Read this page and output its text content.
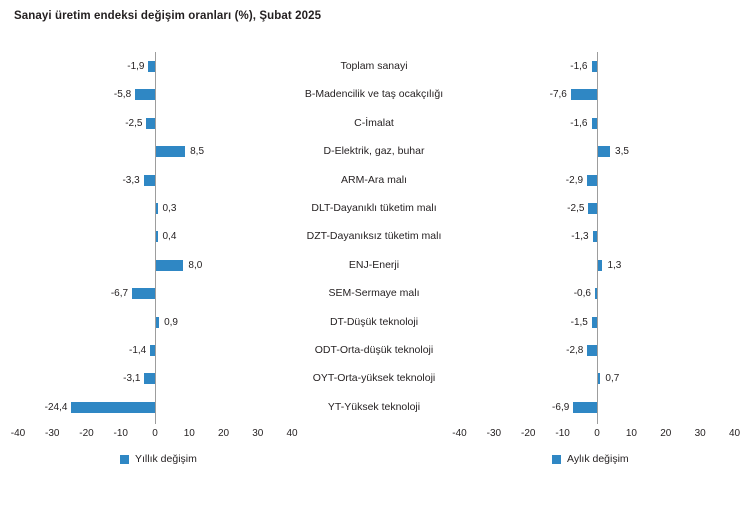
Sanayi üretim endeksi değişim oranları (%), Şubat 2025
-1,9
-5,8
-2,5
8,5
-3,3
0,3
0,4
8,0
-6,7
0,9
-1,4
-3,1
-24,4
-40 -30 -20 -10 0	10 20 30 40
Toplam sanayi
B-Madencilik ve taş ocakçılığı
C-İmalat
D-Elektrik, gaz, buhar
ARM-Ara malı
DLT-Dayanıklı tüketim malı
DZT-Dayanıksız tüketim malı
ENJ-Enerji
SEM-Sermaye malı
DT-Düşük teknoloji
ODT-Orta-düşük teknoloji
OYT-Orta-yüksek teknoloji
YT-Yüksek teknoloji
-1,6
-7,6
-1,6
3,5
-2,9
-2,5
-1,3
1,3
-0,6
-1,5
-2,8
0,7
-6,9
-40 -30 -20 -10 0	10 20 30 40
Yıllık değişim	Aylık değişim
